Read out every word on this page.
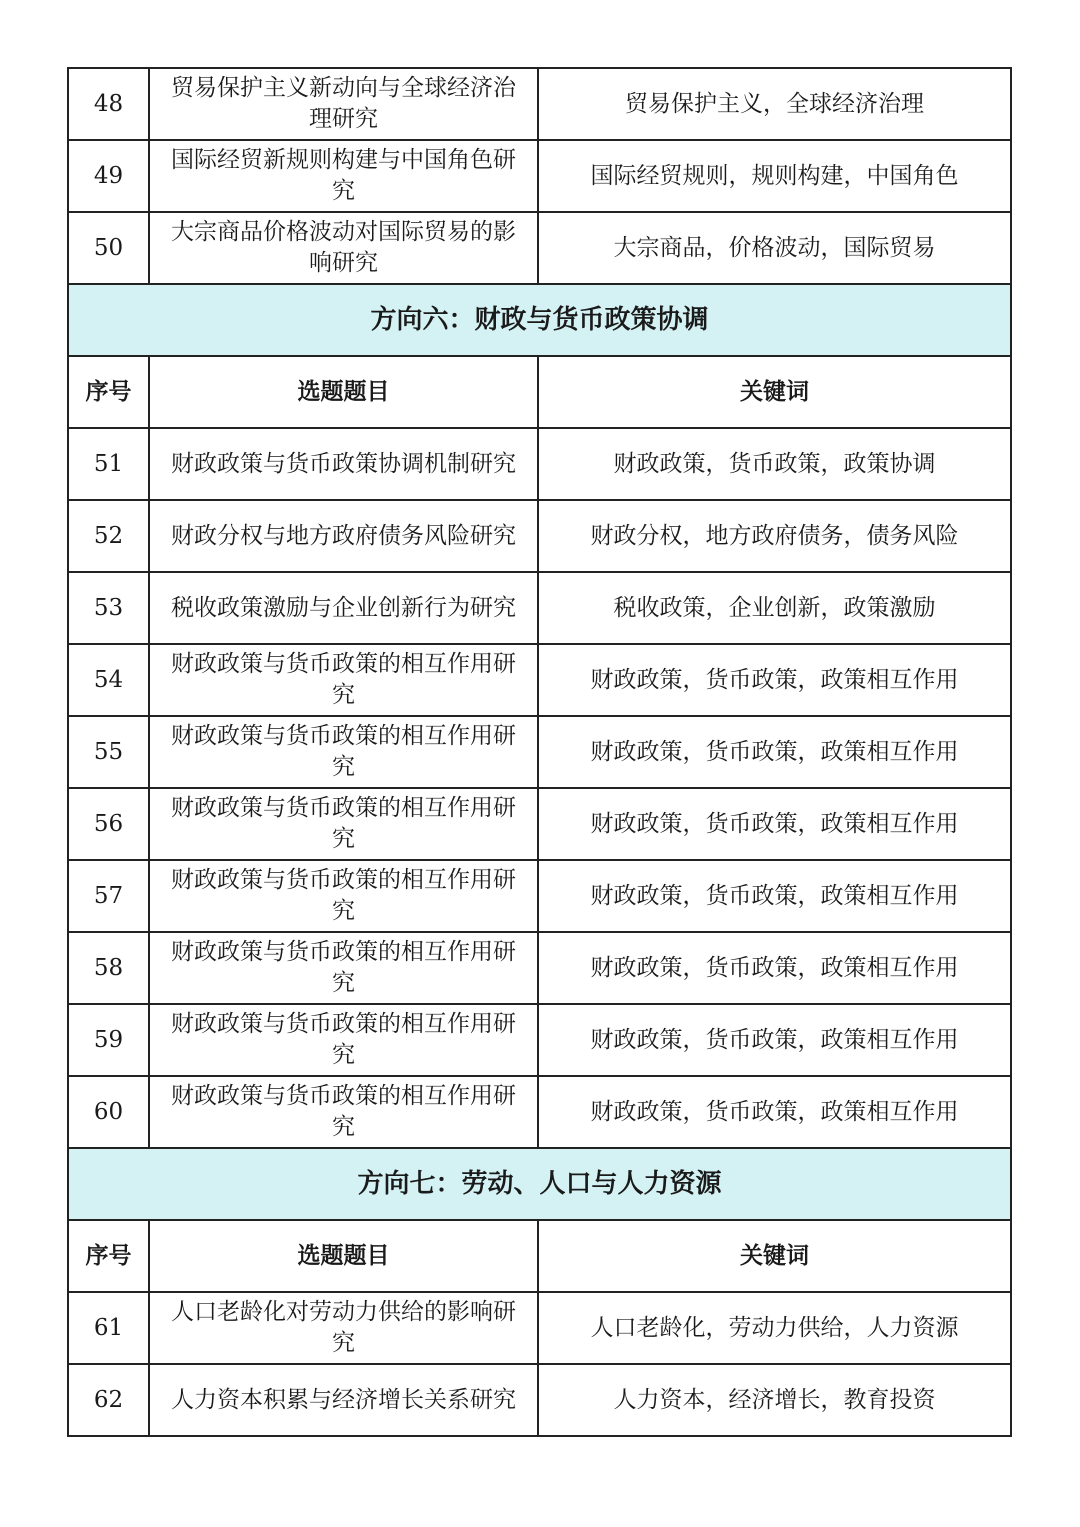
48	贸易保护主义新动向与全球经济治理研究	贸易保护主义，全球经济治理
49	国际经贸新规则构建与中国角色研究	国际经贸规则，规则构建，中国角色
50	大宗商品价格波动对国际贸易的影响研究	大宗商品，价格波动，国际贸易
方向六：财政与货币政策协调		
序号	选题题目	关键词
51	财政政策与货币政策协调机制研究	财政政策，货币政策，政策协调
52	财政分权与地方政府债务风险研究	财政分权，地方政府债务，债务风险
53	税收政策激励与企业创新行为研究	税收政策，企业创新，政策激励
54	财政政策与货币政策的相互作用研究	财政政策，货币政策，政策相互作用
55	财政政策与货币政策的相互作用研究	财政政策，货币政策，政策相互作用
56	财政政策与货币政策的相互作用研究	财政政策，货币政策，政策相互作用
57	财政政策与货币政策的相互作用研究	财政政策，货币政策，政策相互作用
58	财政政策与货币政策的相互作用研究	财政政策，货币政策，政策相互作用
59	财政政策与货币政策的相互作用研究	财政政策，货币政策，政策相互作用
60	财政政策与货币政策的相互作用研究	财政政策，货币政策，政策相互作用
方向七：劳动、人口与人力资源		
序号	选题题目	关键词
61	人口老龄化对劳动力供给的影响研究	人口老龄化，劳动力供给，人力资源
62	人力资本积累与经济增长关系研究	人力资本，经济增长，教育投资
